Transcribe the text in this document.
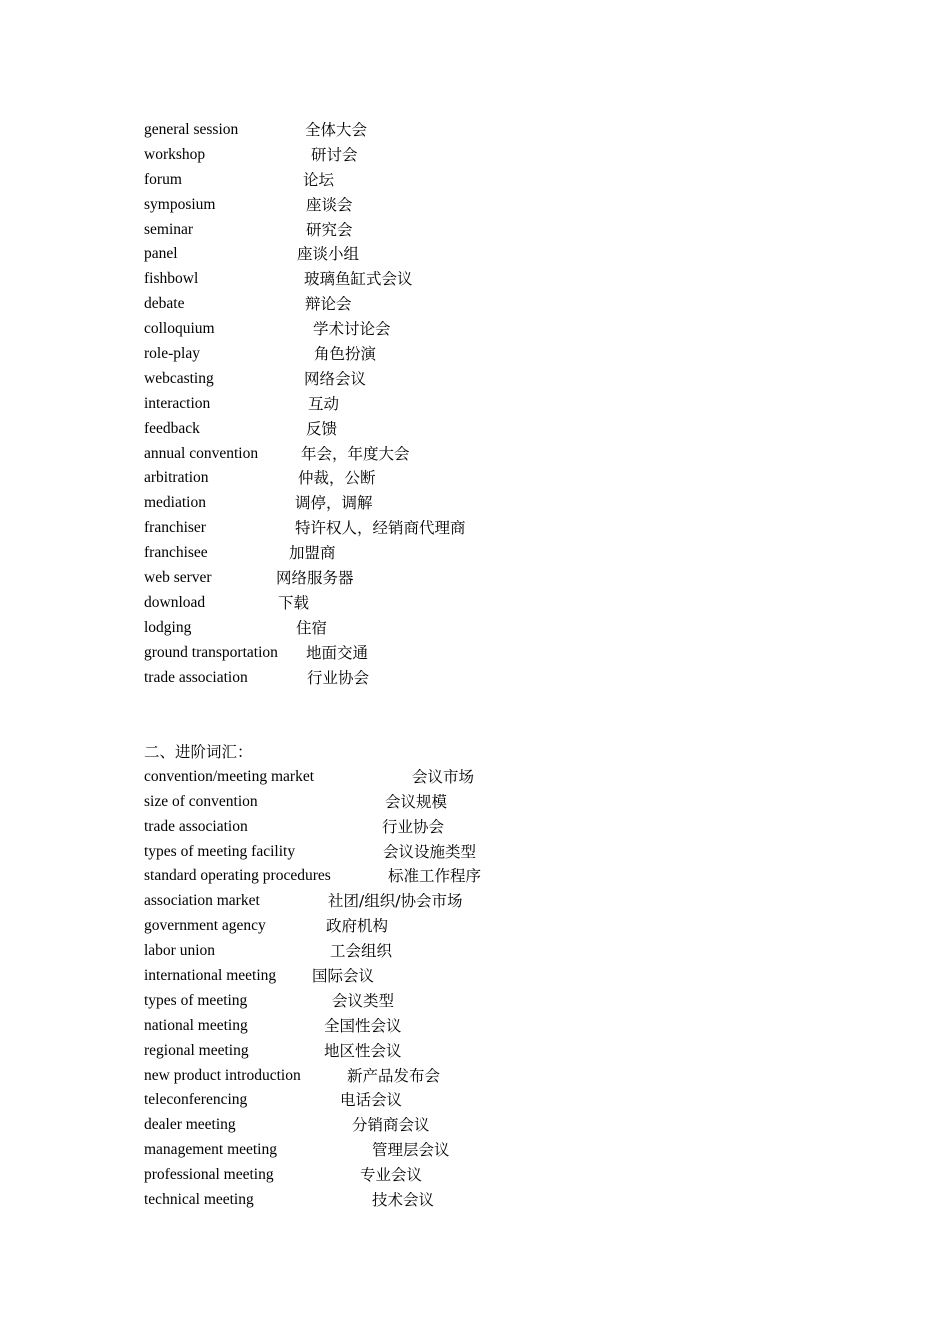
general session	全体大会
workshop	研讨会
forum	论坛
symposium	座谈会
seminar	研究会
panel	座谈小组
fishbowl	玻璃鱼缸式会议
debate	辩论会
colloquium	学术讨论会
role-play	角色扮演
webcasting	网络会议
interaction	互动
feedback	反馈
annual convention	年会，年度大会
arbitration	仲裁，公断
mediation	调停，调解
franchiser	特许权人，经销商代理商
franchisee	加盟商
web server	网络服务器
download	下载
lodging	住宿
ground transportation 地面交通
trade association	行业协会
二、进阶词汇：
convention/meeting market	会议市场
size of convention	会议规模
trade association	行业协会
types of meeting facility	会议设施类型
standard operating procedures	标准工作程序
association market	社团/组织/协会市场
government agency	政府机构
labor union	工会组织
international meeting 国际会议
types of meeting	会议类型
national meeting	全国性会议
regional meeting	地区性会议
new product introduction	新产品发布会
teleconferencing	电话会议
dealer meeting	分销商会议
management meeting	管理层会议
professional meeting	专业会议
technical meeting	技术会议
